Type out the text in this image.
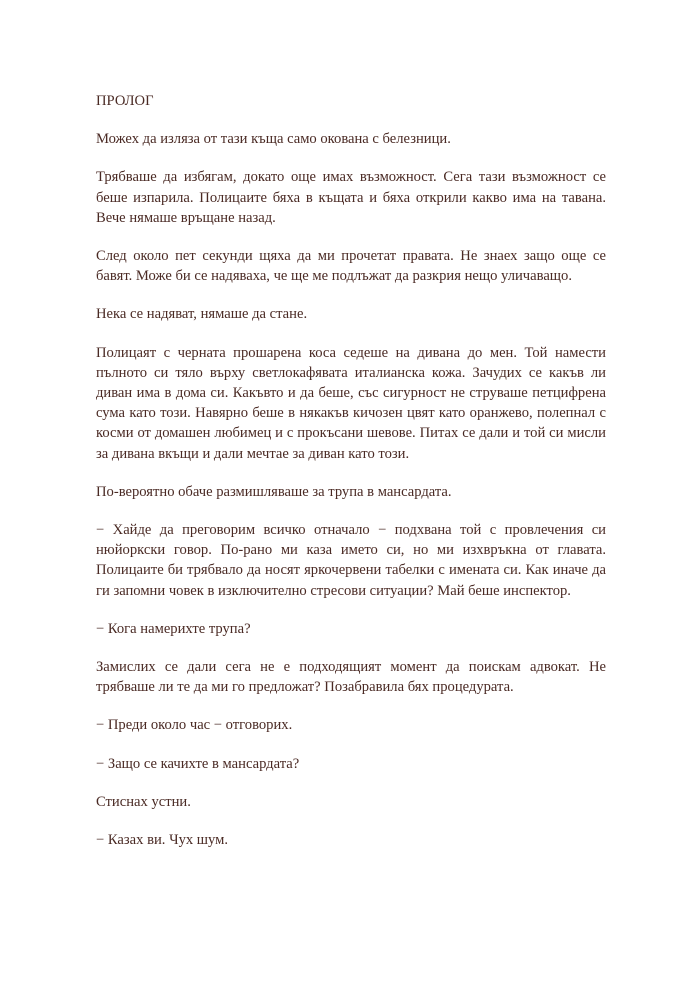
ПРОЛОГ

Можех да изляза от тази къща само окована с белезници.

Трябваше да избягам, докато още имах възможност. Сега тази възможност се беше изпарила. Полицаите бяха в къщата и бяха открили какво има на тавана. Вече нямаше връщане назад.

След около пет секунди щяха да ми прочетат правата. Не знаех защо още се бавят. Може би се надяваха, че ще ме подлъжат да разкрия нещо уличаващо.

Нека се надяват, нямаше да стане.

Полицаят с черната прошарена коса седеше на дивана до мен. Той намести пълното си тяло върху светлокафявата италианска кожа. Зачудих се какъв ли диван има в дома си. Какъвто и да беше, със сигурност не струваше петцифрена сума като този. Навярно беше в някакъв кичозен цвят като оранжево, полепнал с косми от домашен любимец и с прокъсани шевове. Питах се дали и той си мисли за дивана вкъщи и дали мечтае за диван като този.

По-вероятно обаче размишляваше за трупа в мансардата.

− Хайде да преговорим всичко отначало − подхвана той с провлечения си нюйоркски говор. По-рано ми каза името си, но ми изхвръкна от главата. Полицаите би трябвало да носят яркочервени табелки с имената си. Как иначе да ги запомни човек в изключително стресови ситуации? Май беше инспектор.

− Кога намерихте трупа?

Замислих се дали сега не е подходящият момент да поискам адвокат. Не трябваше ли те да ми го предложат? Позабравила бях процедурата.

− Преди около час − отговорих.

− Защо се качихте в мансардата?

Стиснах устни.

− Казах ви. Чух шум.
